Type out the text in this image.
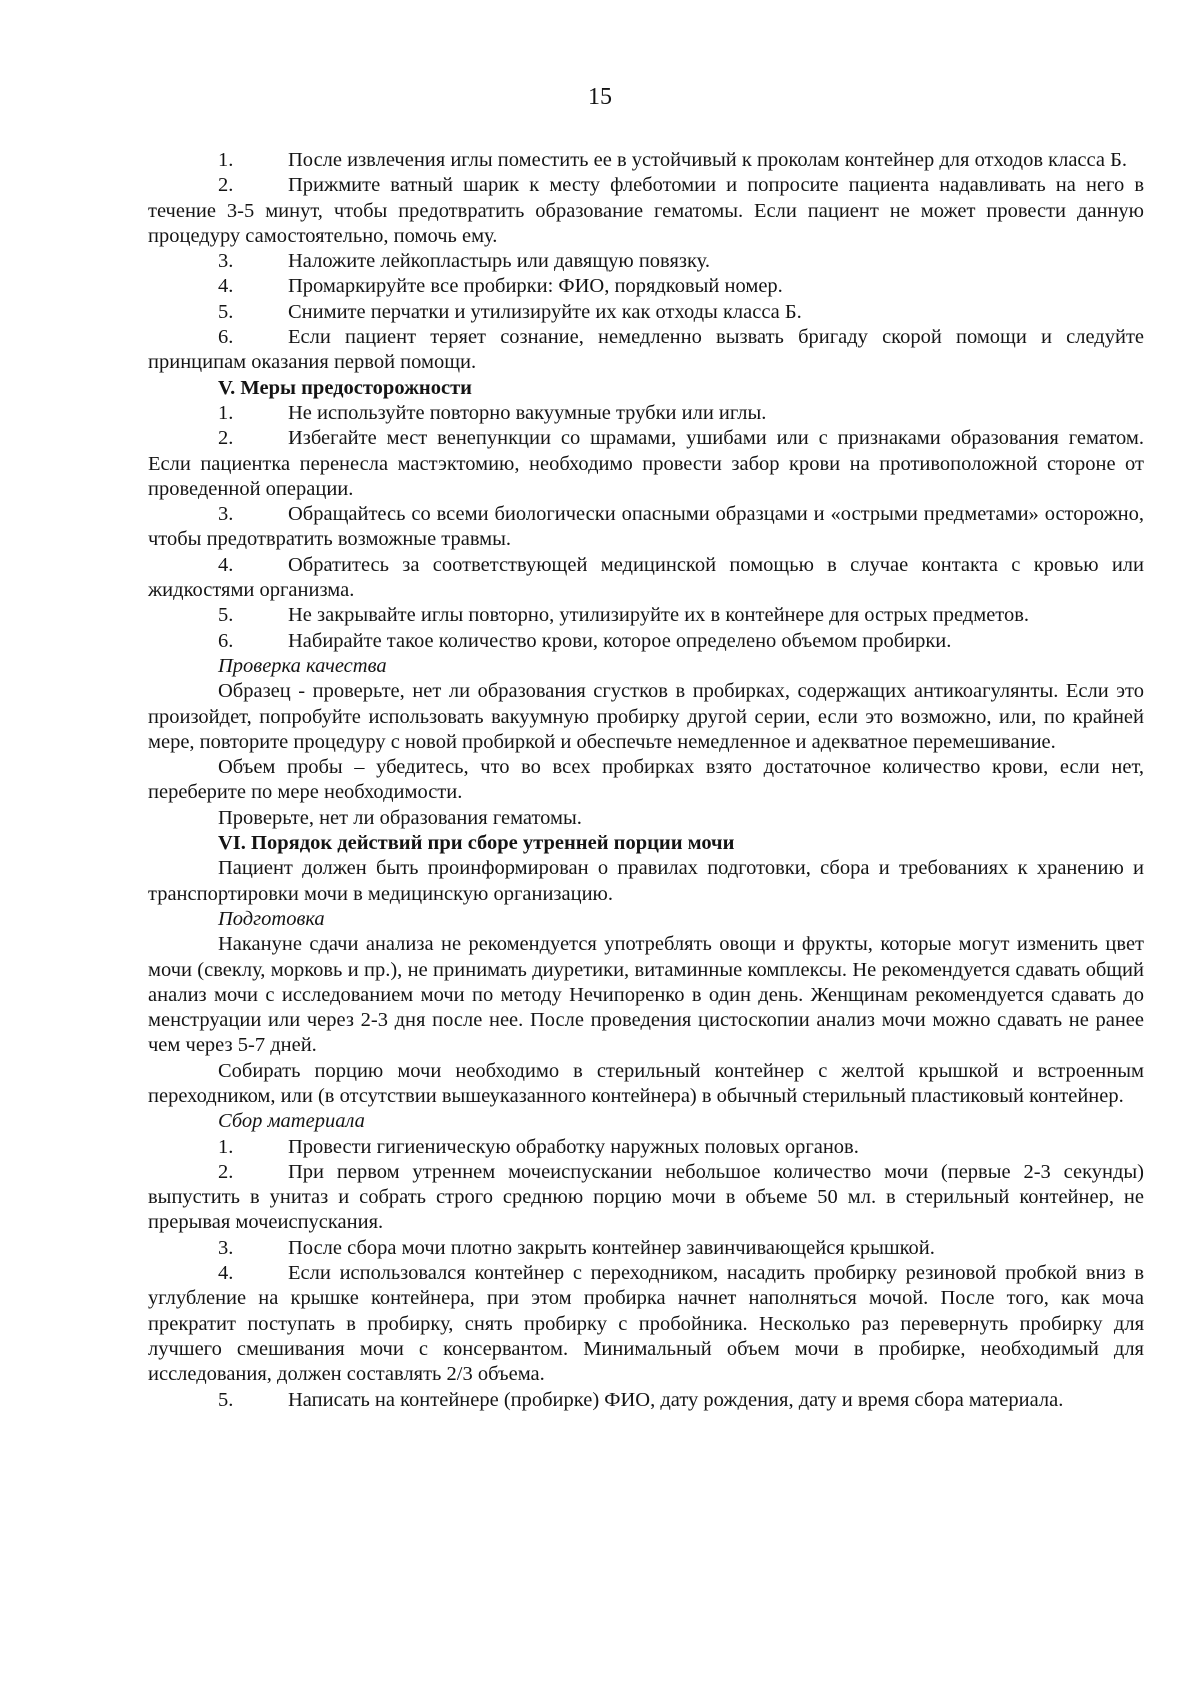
15

1.	После извлечения иглы поместить ее в устойчивый к проколам контейнер для отходов класса Б.

2.	Прижмите ватный шарик к месту флеботомии и попросите пациента надавливать на него в течение 3-5 минут, чтобы предотвратить образование гематомы. Если пациент не может провести данную процедуру самостоятельно, помочь ему.

3.	Наложите лейкопластырь или давящую повязку.

4.	Промаркируйте все пробирки: ФИО, порядковый номер.

5.	Снимите перчатки и утилизируйте их как отходы класса Б.

6.	Если пациент теряет сознание, немедленно вызвать бригаду скорой помощи и следуйте принципам оказания первой помощи.

V. Меры предосторожности

1.	Не используйте повторно вакуумные трубки или иглы.

2.	Избегайте мест венепункции со шрамами, ушибами или с признаками образования гематом. Если пациентка перенесла мастэктомию, необходимо провести забор крови на противоположной стороне от проведенной операции.

3.	Обращайтесь со всеми биологически опасными образцами и «острыми предметами» осторожно, чтобы предотвратить возможные травмы.

4.	Обратитесь за соответствующей медицинской помощью в случае контакта с кровью или жидкостями организма.

5.	Не закрывайте иглы повторно, утилизируйте их в контейнере для острых предметов.

6.	Набирайте такое количество крови, которое определено объемом пробирки.

Проверка качества

Образец - проверьте, нет ли образования сгустков в пробирках, содержащих антикоагулянты. Если это произойдет, попробуйте использовать вакуумную пробирку другой серии, если это возможно, или, по крайней мере, повторите процедуру с новой пробиркой и обеспечьте немедленное и адекватное перемешивание.

Объем пробы – убедитесь, что во всех пробирках взято достаточное количество крови, если нет, переберите по мере необходимости.

Проверьте, нет ли образования гематомы.

VI. Порядок действий при сборе утренней порции мочи

Пациент должен быть проинформирован о правилах подготовки, сбора и требованиях к хранению и транспортировки мочи в медицинскую организацию.

Подготовка

Накануне сдачи анализа не рекомендуется употреблять овощи и фрукты, которые могут изменить цвет мочи (свеклу, морковь и пр.), не принимать диуретики, витаминные комплексы. Не рекомендуется сдавать общий анализ мочи с исследованием мочи по методу Нечипоренко в один день. Женщинам рекомендуется сдавать до менструации или через 2-3 дня после нее. После проведения цистоскопии анализ мочи можно сдавать не ранее чем через 5-7 дней.

Собирать порцию мочи необходимо в стерильный контейнер с желтой крышкой и встроенным переходником, или (в отсутствии вышеуказанного контейнера) в обычный стерильный пластиковый контейнер.

Сбор материала

1.	Провести гигиеническую обработку наружных половых органов.

2.	При первом утреннем мочеиспускании небольшое количество мочи (первые 2-3 секунды) выпустить в унитаз и собрать строго среднюю порцию мочи в объеме 50 мл. в стерильный контейнер, не прерывая мочеиспускания.

3.	После сбора мочи плотно закрыть контейнер завинчивающейся крышкой.

4.	Если использовался контейнер с переходником, насадить пробирку резиновой пробкой вниз в углубление на крышке контейнера, при этом пробирка начнет наполняться мочой. После того, как моча прекратит поступать в пробирку, снять пробирку с пробойника. Несколько раз перевернуть пробирку для лучшего смешивания мочи с консервантом. Минимальный объем мочи в пробирке, необходимый для исследования, должен составлять 2/3 объема.

5.	Написать на контейнере (пробирке) ФИО, дату рождения, дату и время сбора материала.
